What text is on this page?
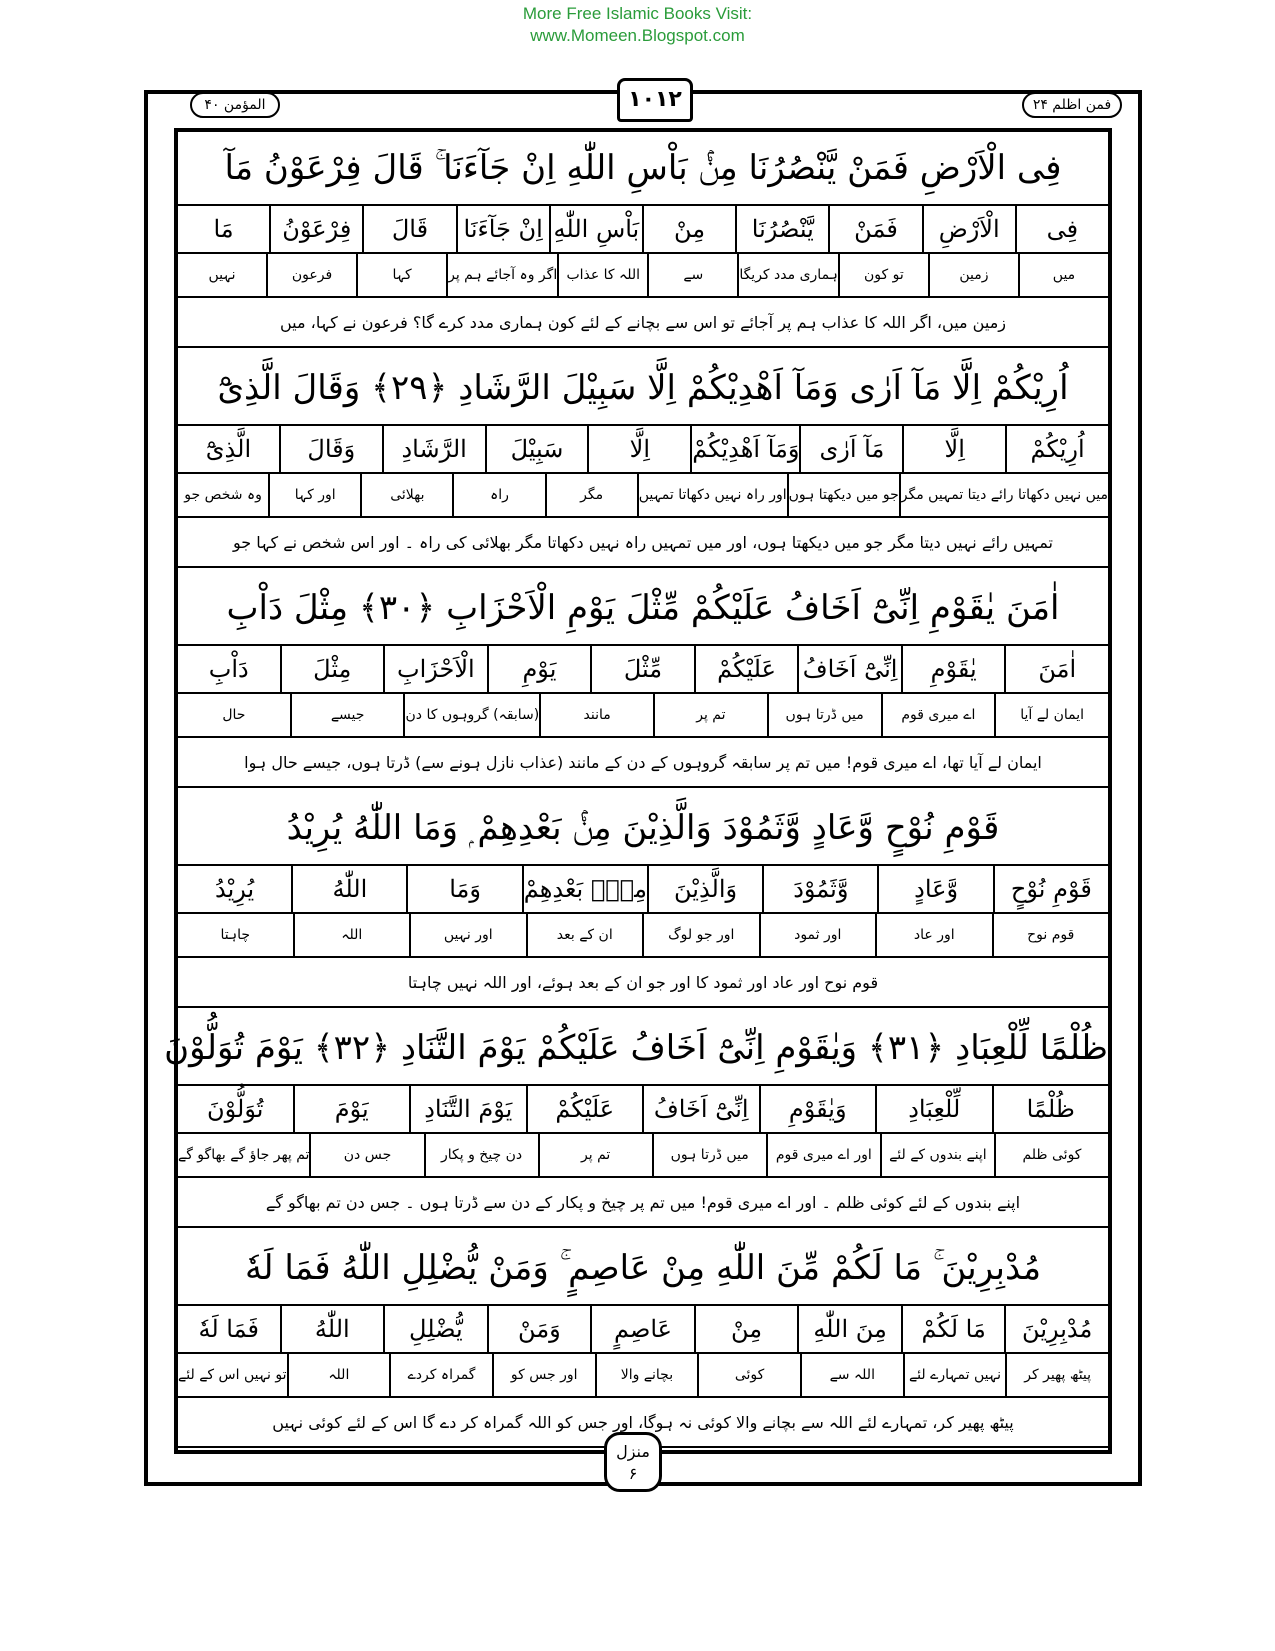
More Free Islamic Books Visit:
www.Momeen.Blogspot.com
فمن اظلم ۲۴
۱۰۱۲
المؤمن ۴۰
فِى الْاَرْضِ فَمَنْ يَّنْصُرُنَا مِنْۢ بَاْسِ اللّٰهِ اِنْ جَآءَنَا ۚ قَالَ فِرْعَوْنُ مَآ
فِى
الْاَرْضِ
فَمَنْ
يَّنْصُرُنَا
مِنْ
بَاْسِ اللّٰهِ
اِنْ جَآءَنَا
قَالَ
فِرْعَوْنُ
مَا
میں
زمین
تو کون
ہماری مدد کریگا
سے
اللہ کا عذاب
اگر وہ آجائے ہم پر
کہا
فرعون
نہیں
زمین میں، اگر اللہ کا عذاب ہم پر آجائے تو اس سے بچانے کے لئے کون ہماری مدد کرے گا؟ فرعون نے کہا، میں
اُرِيْكُمْ اِلَّا مَآ اَرٰى وَمَآ اَهْدِيْكُمْ اِلَّا سَبِيْلَ الرَّشَادِ ﴿۲۹﴾ وَقَالَ الَّذِىْٓ
اُرِيْكُمْ
اِلَّا
مَآ اَرٰى
وَمَآ اَهْدِيْكُمْ
اِلَّا
سَبِيْلَ
الرَّشَادِ
وَقَالَ
الَّذِىْٓ
میں نہیں دکھاتا رائے دیتا تمہیں مگر
جو میں دیکھتا ہوں
اور راہ نہیں دکھاتا تمہیں
مگر
راہ
بھلائی
اور کہا
وہ شخص جو
تمہیں رائے نہیں دیتا مگر جو میں دیکھتا ہوں، اور میں تمہیں راہ نہیں دکھاتا مگر بھلائی کی راہ ۔ اور اس شخص نے کہا جو
اٰمَنَ يٰقَوْمِ اِنِّىْٓ اَخَافُ عَلَيْكُمْ مِّثْلَ يَوْمِ الْاَحْزَابِ ﴿۳۰﴾ مِثْلَ دَاْبِ
اٰمَنَ
يٰقَوْمِ
اِنِّىْٓ اَخَافُ
عَلَيْكُمْ
مِّثْلَ
يَوْمِ
الْاَحْزَابِ
مِثْلَ
دَاْبِ
ایمان لے آیا
اے میری قوم
میں ڈرتا ہوں
تم پر
مانند
(سابقہ) گروہوں کا دن
جیسے
حال
ایمان لے آیا تھا، اے میری قوم! میں تم پر سابقہ گروہوں کے دن کے مانند (عذاب نازل ہونے سے) ڈرتا ہوں، جیسے حال ہوا
قَوْمِ نُوْحٍ وَّعَادٍ وَّثَمُوْدَ وَالَّذِيْنَ مِنْۢ بَعْدِهِمْ ۭ وَمَا اللّٰهُ يُرِيْدُ
قَوْمِ نُوْحٍ
وَّعَادٍ
وَّثَمُوْدَ
وَالَّذِيْنَ
مِنْۢ بَعْدِهِمْ
وَمَا
اللّٰهُ
يُرِيْدُ
قوم نوح
اور عاد
اور ثمود
اور جو لوگ
ان کے بعد
اور نہیں
اللہ
چاہتا
قوم نوح اور عاد اور ثمود کا اور جو ان کے بعد ہوئے، اور اللہ نہیں چاہتا
ظُلْمًا لِّلْعِبَادِ ﴿۳۱﴾ وَيٰقَوْمِ اِنِّىْٓ اَخَافُ عَلَيْكُمْ يَوْمَ التَّنَادِ ﴿۳۲﴾ يَوْمَ تُوَلُّوْنَ
ظُلْمًا
لِّلْعِبَادِ
وَيٰقَوْمِ
اِنِّىْٓ اَخَافُ
عَلَيْكُمْ
يَوْمَ التَّنَادِ
يَوْمَ
تُوَلُّوْنَ
کوئی ظلم
اپنے بندوں کے لئے
اور اے میری قوم
میں ڈرتا ہوں
تم پر
دن چیخ و پکار
جس دن
تم پھر جاؤ گے بھاگو گے
اپنے بندوں کے لئے کوئی ظلم ۔ اور اے میری قوم! میں تم پر چیخ و پکار کے دن سے ڈرتا ہوں ۔ جس دن تم بھاگو گے
مُدْبِرِيْنَ ۚ مَا لَكُمْ مِّنَ اللّٰهِ مِنْ عَاصِمٍ ۚ وَمَنْ يُّضْلِلِ اللّٰهُ فَمَا لَهٗ
مُدْبِرِيْنَ
مَا لَكُمْ
مِنَ اللّٰهِ
مِنْ
عَاصِمٍ
وَمَنْ
يُّضْلِلِ
اللّٰهُ
فَمَا لَهٗ
پیٹھ پھیر کر
نہیں تمہارے لئے
اللہ سے
کوئی
بچانے والا
اور جس کو
گمراہ کردے
اللہ
تو نہیں اس کے لئے
پیٹھ پھیر کر، تمہارے لئے اللہ سے بچانے والا کوئی نہ ہوگا، اور جس کو اللہ گمراہ کر دے گا اس کے لئے کوئی نہیں
منزل
۶
